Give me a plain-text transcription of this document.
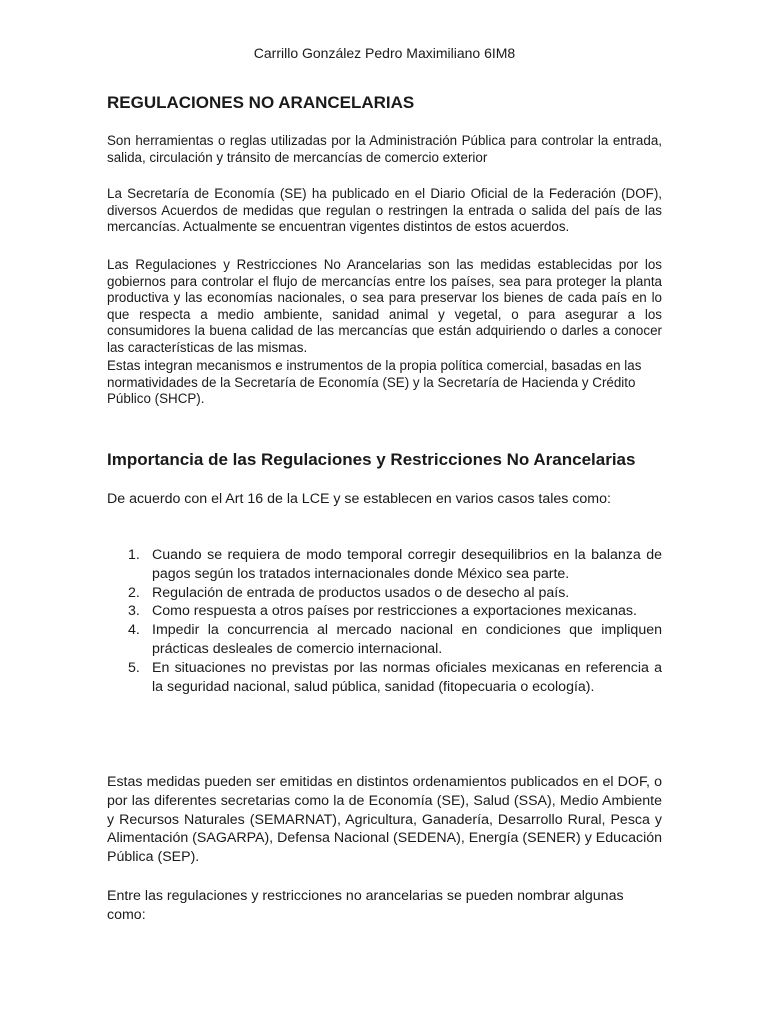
Carrillo González Pedro Maximiliano 6IM8
REGULACIONES NO ARANCELARIAS

Son herramientas o reglas utilizadas por la Administración Pública para controlar la entrada, salida, circulación y tránsito de mercancías de comercio exterior

La Secretaría de Economía (SE) ha publicado en el Diario Oficial de la Federación (DOF), diversos Acuerdos de medidas que regulan o restringen la entrada o salida del país de las mercancías. Actualmente se encuentran vigentes distintos de estos acuerdos.

Las Regulaciones y Restricciones No Arancelarias son las medidas establecidas por los gobiernos para controlar el flujo de mercancías entre los países, sea para proteger la planta productiva y las economías nacionales, o sea para preservar los bienes de cada país en lo que respecta a medio ambiente, sanidad animal y vegetal, o para asegurar a los consumidores la buena calidad de las mercancías que están adquiriendo o darles a conocer las características de las mismas.

Estas integran mecanismos e instrumentos de la propia política comercial, basadas en las normatividades de la Secretaría de Economía (SE) y la Secretaría de Hacienda y Crédito Público (SHCP).

Importancia de las Regulaciones y Restricciones No Arancelarias

De acuerdo con el Art 16 de la LCE y se establecen en varios casos tales como:

1. Cuando se requiera de modo temporal corregir desequilibrios en la balanza de pagos según los tratados internacionales donde México sea parte.
2. Regulación de entrada de productos usados o de desecho al país.
3. Como respuesta a otros países por restricciones a exportaciones mexicanas.
4. Impedir la concurrencia al mercado nacional en condiciones que impliquen prácticas desleales de comercio internacional.
5. En situaciones no previstas por las normas oficiales mexicanas en referencia a la seguridad nacional, salud pública, sanidad (fitopecuaria o ecología).

Estas medidas pueden ser emitidas en distintos ordenamientos publicados en el DOF, o por las diferentes secretarias como la de Economía (SE), Salud (SSA), Medio Ambiente y Recursos Naturales (SEMARNAT), Agricultura, Ganadería, Desarrollo Rural, Pesca y Alimentación (SAGARPA), Defensa Nacional (SEDENA), Energía (SENER) y Educación Pública (SEP).

Entre las regulaciones y restricciones no arancelarias se pueden nombrar algunas como:
